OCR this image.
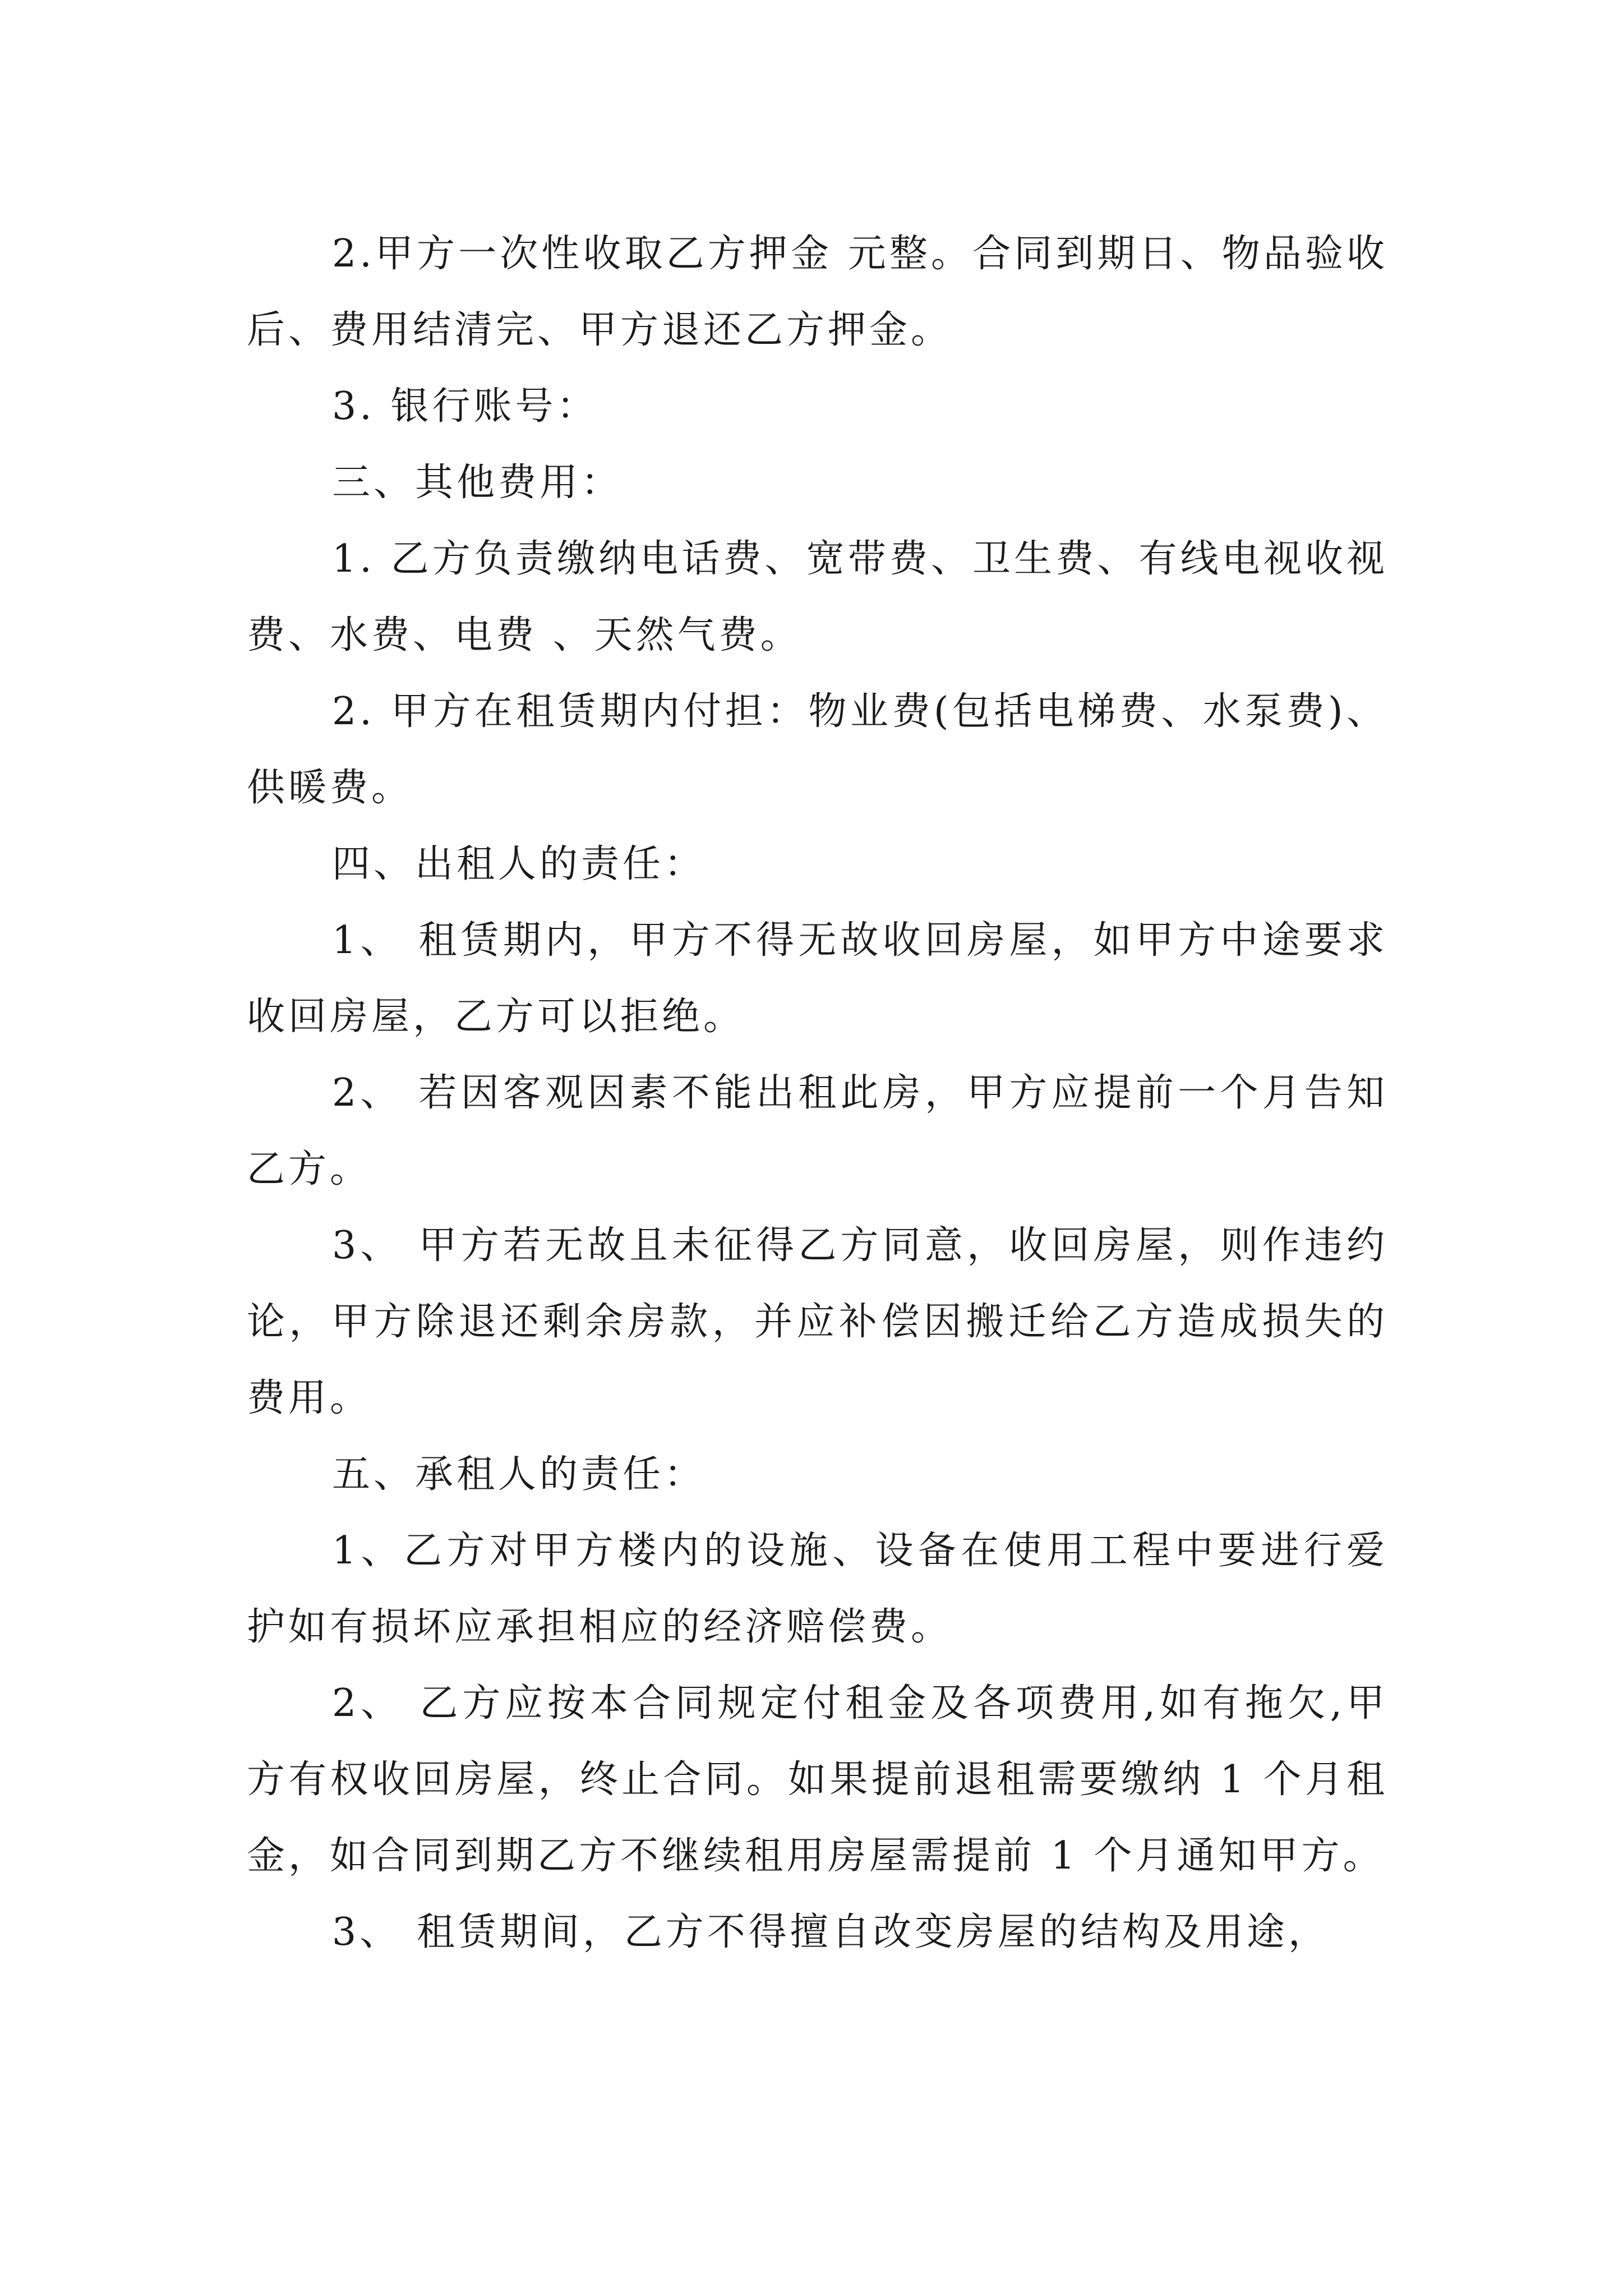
2.甲方一次性收取乙方押金 元整。合同到期日、物品验收后、费用结清完、甲方退还乙方押金。

3. 银行账号：

三、其他费用：

1. 乙方负责缴纳电话费、宽带费、卫生费、有线电视收视费、水费、电费 、天然气费。

2. 甲方在租赁期内付担：物业费(包括电梯费、水泵费)、供暖费。

四、出租人的责任：

1、 租赁期内，甲方不得无故收回房屋，如甲方中途要求收回房屋，乙方可以拒绝。

2、 若因客观因素不能出租此房，甲方应提前一个月告知乙方。

3、 甲方若无故且未征得乙方同意，收回房屋，则作违约论，甲方除退还剩余房款，并应补偿因搬迁给乙方造成损失的费用。

五、承租人的责任：

1、乙方对甲方楼内的设施、设备在使用工程中要进行爱护如有损坏应承担相应的经济赔偿费。

2、 乙方应按本合同规定付租金及各项费用,如有拖欠,甲方有权收回房屋，终止合同。如果提前退租需要缴纳 1 个月租金，如合同到期乙方不继续租用房屋需提前 1 个月通知甲方。

3、 租赁期间，乙方不得擅自改变房屋的结构及用途，
